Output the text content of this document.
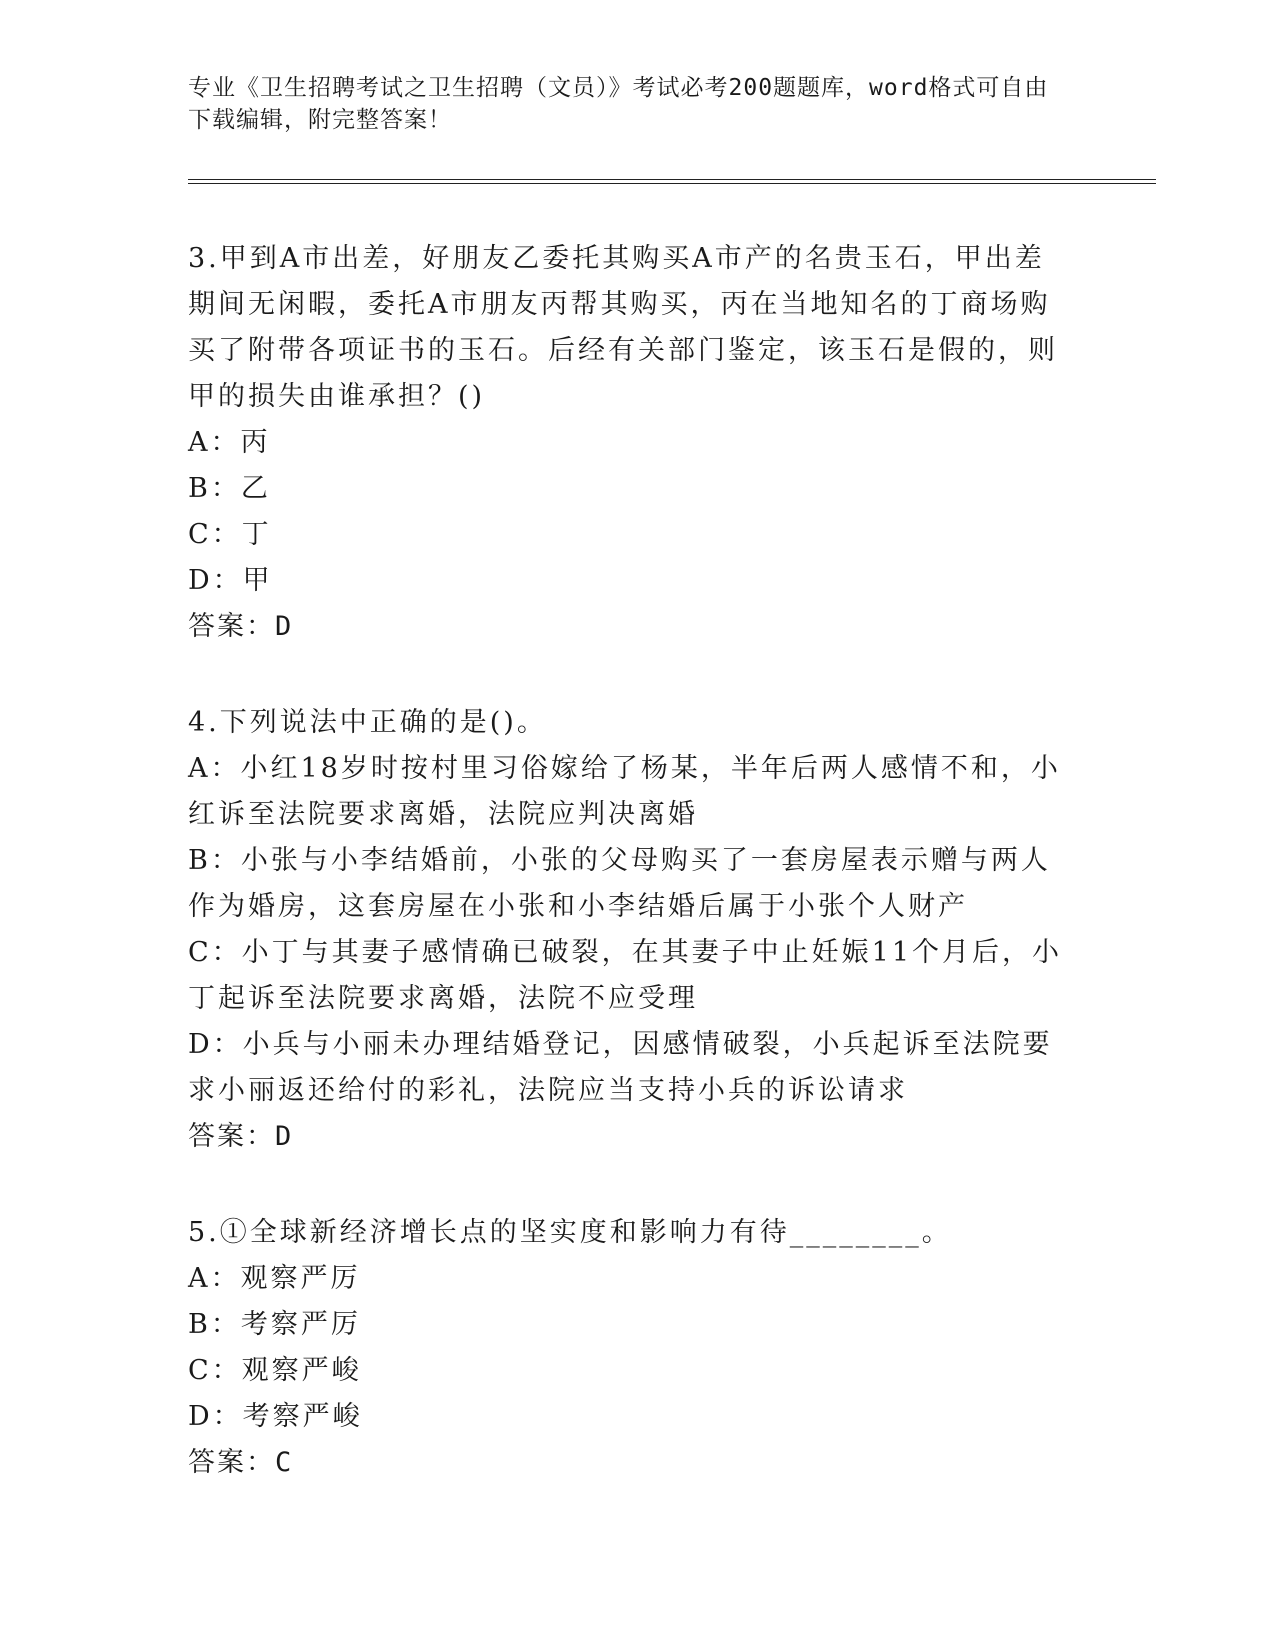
专业《卫生招聘考试之卫生招聘（文员）》考试必考200题题库，word格式可自由下载编辑，附完整答案！
3.甲到A市出差，好朋友乙委托其购买A市产的名贵玉石，甲出差期间无闲暇，委托A市朋友丙帮其购买，丙在当地知名的丁商场购买了附带各项证书的玉石。后经有关部门鉴定，该玉石是假的，则甲的损失由谁承担？()
A：丙
B：乙
C：丁
D：甲
答案：D
4.下列说法中正确的是()。
A：小红18岁时按村里习俗嫁给了杨某，半年后两人感情不和，小红诉至法院要求离婚，法院应判决离婚
B：小张与小李结婚前，小张的父母购买了一套房屋表示赠与两人作为婚房，这套房屋在小张和小李结婚后属于小张个人财产
C：小丁与其妻子感情确已破裂，在其妻子中止妊娠11个月后，小丁起诉至法院要求离婚，法院不应受理
D：小兵与小丽未办理结婚登记，因感情破裂，小兵起诉至法院要求小丽返还给付的彩礼，法院应当支持小兵的诉讼请求
答案：D
5.①全球新经济增长点的坚实度和影响力有待________。
A：观察严厉
B：考察严厉
C：观察严峻
D：考察严峻
答案：C
